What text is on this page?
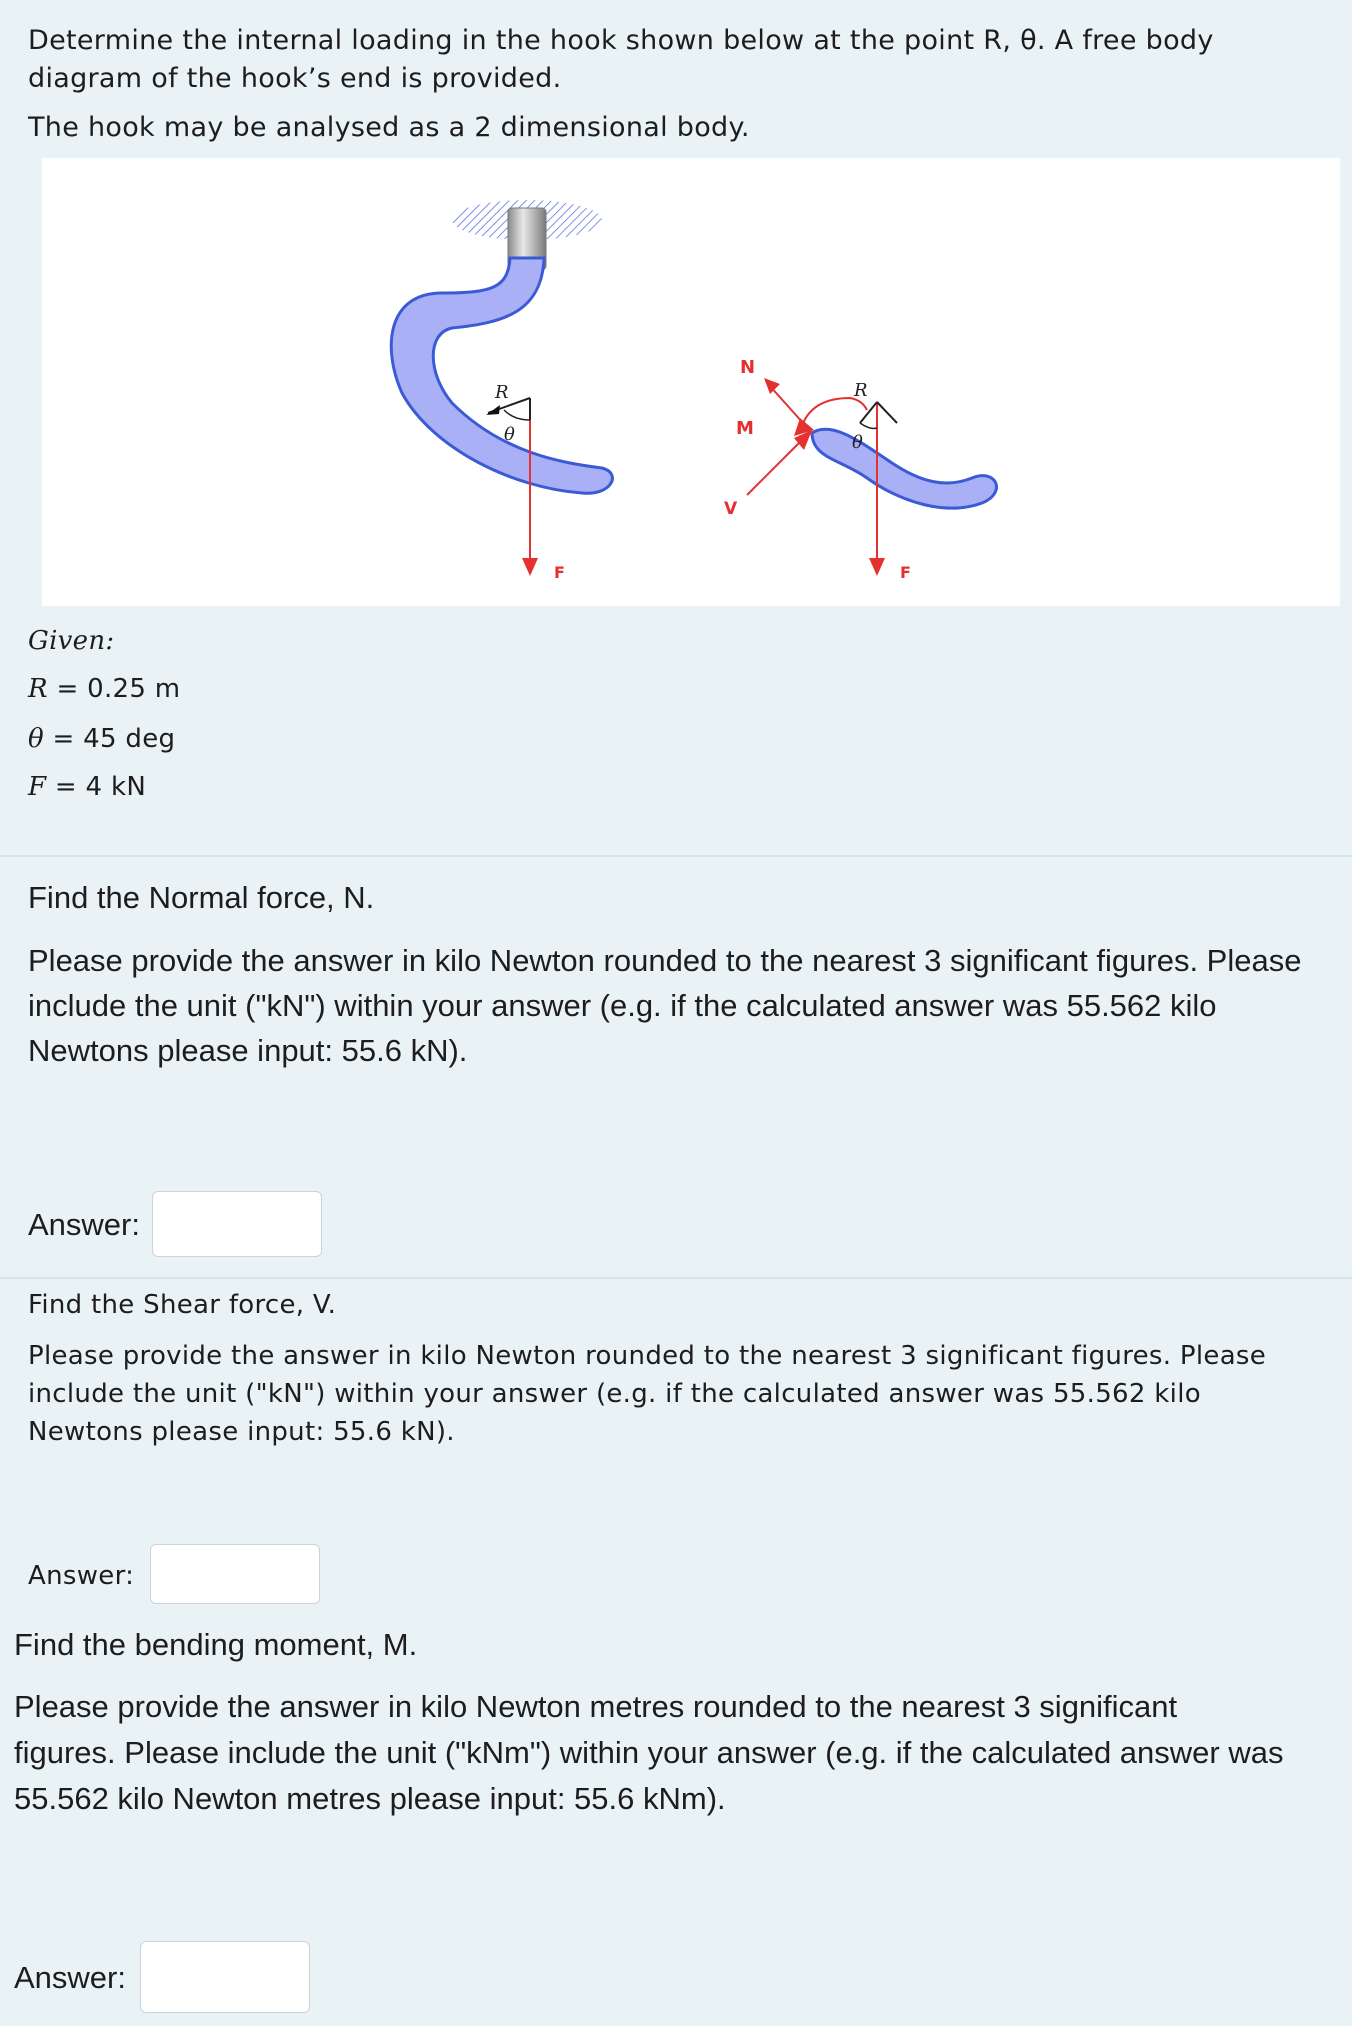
Determine the internal loading in the hook shown below at the point R, θ. A free body

diagram of the hook’s end is provided.

The hook may be analysed as a 2 dimensional body.

R
θ
F
R
θ
N
M
V
F

Given:

R = 0.25 m

θ = 45 deg

F = 4 kN

Find the Normal force, N.

Please provide the answer in kilo Newton rounded to the nearest 3 significant figures. Please

include the unit ("kN") within your answer (e.g. if the calculated answer was 55.562 kilo

Newtons please input: 55.6 kN).

Answer:

Find the Shear force, V.

Please provide the answer in kilo Newton rounded to the nearest 3 significant figures. Please

include the unit ("kN") within your answer (e.g. if the calculated answer was 55.562 kilo

Newtons please input: 55.6 kN).

Answer:

Find the bending moment, M.

Please provide the answer in kilo Newton metres rounded to the nearest 3 significant

figures. Please include the unit ("kNm") within your answer (e.g. if the calculated answer was

55.562 kilo Newton metres please input: 55.6 kNm).

Answer:
